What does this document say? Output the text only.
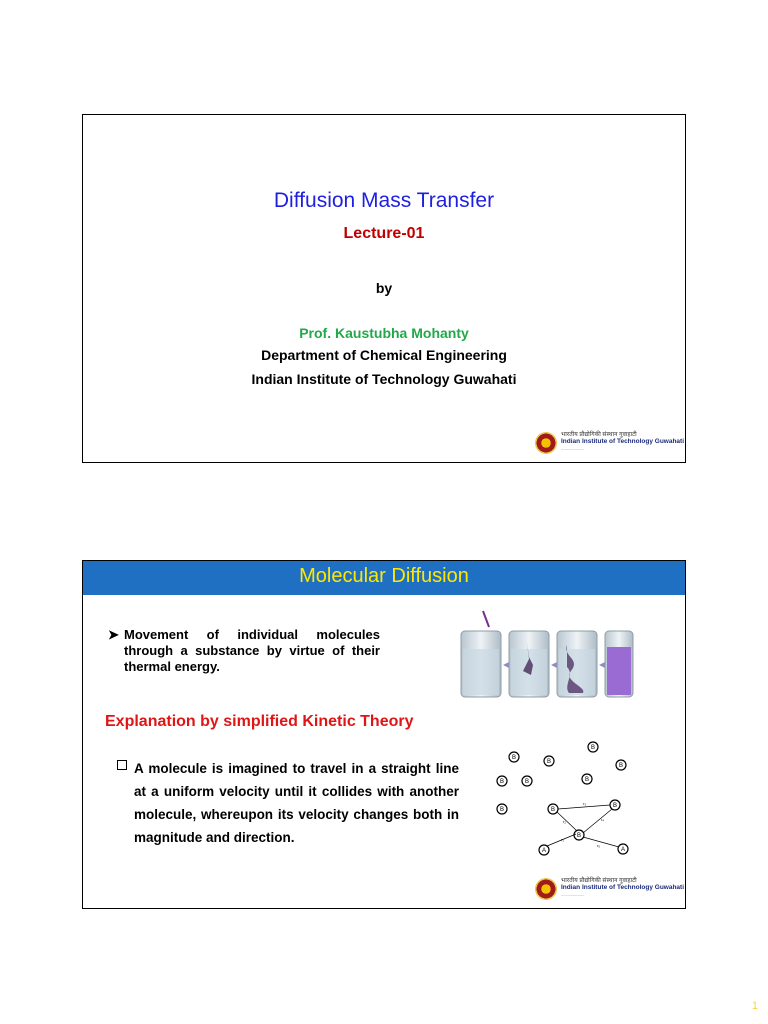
Diffusion Mass Transfer
Lecture-01
by
Prof. Kaustubha Mohanty
Department of Chemical Engineering
Indian Institute of Technology Guwahati
भारतीय प्रौद्योगिकी संस्थान गुवाहाटी
Indian Institute of Technology Guwahati
~~~~~~~~~~
Molecular Diffusion
➤ Movement of individual molecules through a substance by virtue of their thermal energy.
Explanation by simplified Kinetic Theory
A molecule is imagined to travel in a straight line at a uniform velocity until it collides with another molecule, whereupon its velocity changes both in magnitude and direction.
B
B
B
B
B	B	B
B	B
B
B
A	A
r₁
r₂
r₃
r₄
r₅
भारतीय प्रौद्योगिकी संस्थान गुवाहाटी
Indian Institute of Technology Guwahati
~~~~~~~~~~
1
